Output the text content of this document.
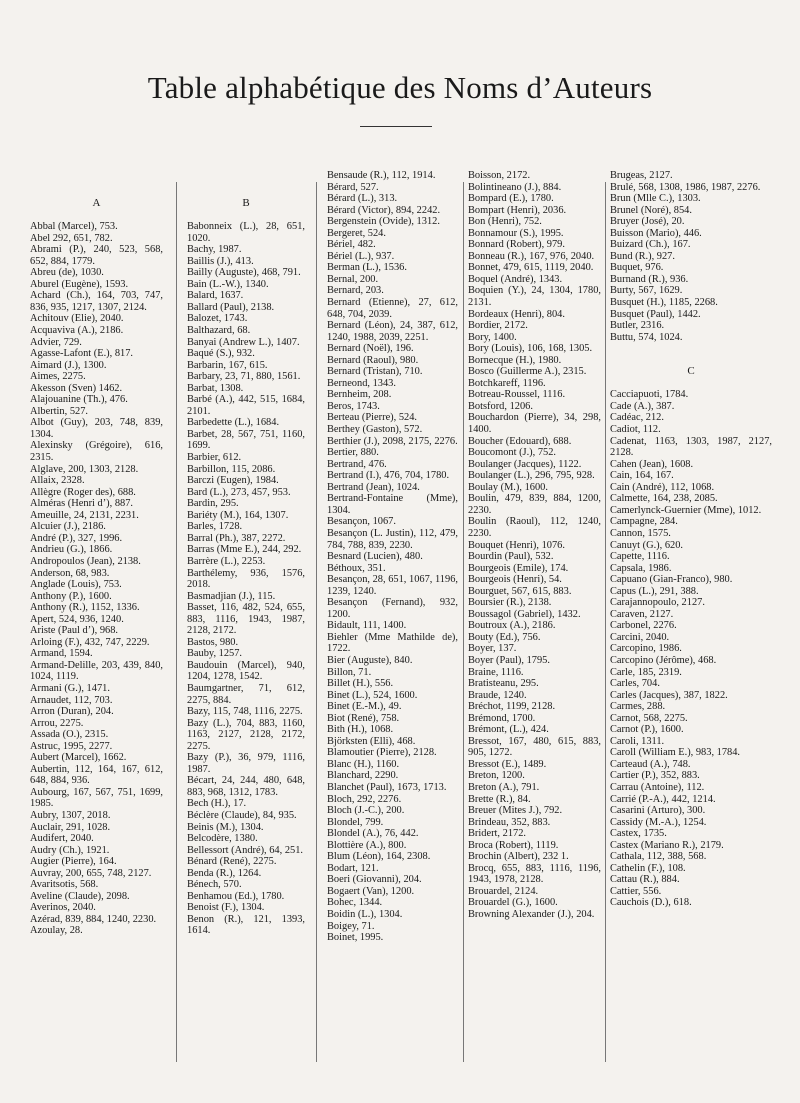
Table alphabétique des Noms d’Auteurs
A
Abbal (Marcel), 753.
Abel 292, 651, 782.
Abrami (P.), 240, 523, 568, 652, 884, 1779.
Abreu (de), 1030.
Aburel (Eugène), 1593.
Achard (Ch.), 164, 703, 747, 836, 935, 1217, 1307, 2124.
Achitouv (Elie), 2040.
Acquaviva (A.), 2186.
Advier, 729.
Agasse-Lafont (E.), 817.
Aimard (J.), 1300.
Aimes, 2275.
Akesson (Sven) 1462.
Alajouanine (Th.), 476.
Albertin, 527.
Albot (Guy), 203, 748, 839, 1304.
Alexinsky (Grégoire), 616, 2315.
Alglave, 200, 1303, 2128.
Allaix, 2328.
Allègre (Roger des), 688.
Alméras (Henri d’), 887.
Ameuille, 24, 2131, 2231.
Alcuier (J.), 2186.
André (P.), 327, 1996.
Andrieu (G.), 1866.
Andropoulos (Jean), 2138.
Anderson, 68, 983.
Anglade (Louis), 753.
Anthony (P.), 1600.
Anthony (R.), 1152, 1336.
Apert, 524, 936, 1240.
Ariste (Paul d’), 968.
Arloing (F.), 432, 747, 2229.
Armand, 1594.
Armand-Delille, 203, 439, 840, 1024, 1119.
Armani (G.), 1471.
Arnaudet, 112, 703.
Arron (Duran), 204.
Arrou, 2275.
Assada (O.), 2315.
Astruc, 1995, 2277.
Aubert (Marcel), 1662.
Aubertin, 112, 164, 167, 612, 648, 884, 936.
Aubourg, 167, 567, 751, 1699, 1985.
Aubry, 1307, 2018.
Auclair, 291, 1028.
Audifert, 2040.
Audry (Ch.), 1921.
Augier (Pierre), 164.
Auvray, 200, 655, 748, 2127.
Avaritsotis, 568.
Aveline (Claude), 2098.
Averinos, 2040.
Azérad, 839, 884, 1240, 2230.
Azoulay, 28.
B
Babonneix (L.), 28, 651, 1020.
Bachy, 1987.
Baillis (J.), 413.
Bailly (Auguste), 468, 791.
Bain (L.-W.), 1340.
Balard, 1637.
Ballard (Paul), 2138.
Balozet, 1743.
Balthazard, 68.
Banyai (Andrew L.), 1407.
Baqué (S.), 932.
Barbarin, 167, 615.
Barbary, 23, 71, 880, 1561.
Barbat, 1308.
Barbé (A.), 442, 515, 1684, 2101.
Barbedette (L.), 1684.
Barbet, 28, 567, 751, 1160, 1699.
Barbier, 612.
Barbillon, 115, 2086.
Barczi (Eugen), 1984.
Bard (L.), 273, 457, 953.
Bardin, 295.
Bariéty (M.), 164, 1307.
Barles, 1728.
Barral (Ph.), 387, 2272.
Barras (Mme E.), 244, 292.
Barrère (L.), 2253.
Barthélemy, 936, 1576, 2018.
Basmadjian (J.), 115.
Basset, 116, 482, 524, 655, 883, 1116, 1943, 1987, 2128, 2172.
Bastos, 980.
Bauby, 1257.
Baudouin (Marcel), 940, 1204, 1278, 1542.
Baumgartner, 71, 612, 2275, 884.
Bazy, 115, 748, 1116, 2275.
Bazy (L.), 704, 883, 1160, 1163, 2127, 2128, 2172, 2275.
Bazy (P.), 36, 979, 1116, 1987.
Bécart, 24, 244, 480, 648, 883, 968, 1312, 1783.
Bech (H.), 17.
Béclère (Claude), 84, 935.
Beinis (M.), 1304.
Belcodère, 1380.
Bellessort (André), 64, 251.
Bénard (René), 2275.
Benda (R.), 1264.
Bénech, 570.
Benhamou (Ed.), 1780.
Benoist (F.), 1304.
Benon (R.), 121, 1393, 1614.
Bensaude (R.), 112, 1914.
Bérard, 527.
Bérard (L.), 313.
Bérard (Victor), 894, 2242.
Bergenstein (Ovide), 1312.
Bergeret, 524.
Bériel, 482.
Bériel (L.), 937.
Berman (L.), 1536.
Bernal, 200.
Bernard, 203.
Bernard (Etienne), 27, 612, 648, 704, 2039.
Bernard (Léon), 24, 387, 612, 1240, 1988, 2039, 2251.
Bernard (Noël), 196.
Bernard (Raoul), 980.
Bernard (Tristan), 710.
Berneond, 1343.
Bernheim, 208.
Beros, 1743.
Berteau (Pierre), 524.
Berthey (Gaston), 572.
Berthier (J.), 2098, 2175, 2276.
Bertier, 880.
Bertrand, 476.
Bertrand (I.), 476, 704, 1780.
Bertrand (Jean), 1024.
Bertrand-Fontaine (Mme), 1304.
Besançon, 1067.
Besançon (L. Justin), 112, 479, 784, 788, 839, 2230.
Besnard (Lucien), 480.
Béthoux, 351.
Besançon, 28, 651, 1067, 1196, 1239, 1240.
Besançon (Fernand), 932, 1200.
Bidault, 111, 1400.
Biehler (Mme Mathilde de), 1722.
Bier (Auguste), 840.
Billon, 71.
Billet (H.), 556.
Binet (L.), 524, 1600.
Binet (E.-M.), 49.
Biot (René), 758.
Bith (H.), 1068.
Björksten (Elli), 468.
Blamoutier (Pierre), 2128.
Blanc (H.), 1160.
Blanchard, 2290.
Blanchet (Paul), 1673, 1713.
Bloch, 292, 2276.
Bloch (J.-C.), 200.
Blondel, 799.
Blondel (A.), 76, 442.
Blottière (A.), 800.
Blum (Léon), 164, 2308.
Bodart, 121.
Boeri (Giovanni), 204.
Bogaert (Van), 1200.
Bohec, 1344.
Boidin (L.), 1304.
Boigey, 71.
Boinet, 1995.
Boisson, 2172.
Bolintineano (J.), 884.
Bompard (E.), 1780.
Bompart (Henri), 2036.
Bon (Henri), 752.
Bonnamour (S.), 1995.
Bonnard (Robert), 979.
Bonneau (R.), 167, 976, 2040.
Bonnet, 479, 615, 1119, 2040.
Boquel (André), 1343.
Boquien (Y.), 24, 1304, 1780, 2131.
Bordeaux (Henri), 804.
Bordier, 2172.
Bory, 1400.
Bory (Louis), 106, 168, 1305.
Bornecque (H.), 1980.
Bosco (Guillerme A.), 2315.
Botchkareff, 1196.
Botreau-Roussel, 1116.
Botsford, 1206.
Bouchardon (Pierre), 34, 298, 1400.
Boucher (Edouard), 688.
Boucomont (J.), 752.
Boulanger (Jacques), 1122.
Boulanger (L.), 296, 795, 928.
Boulay (M.), 1600.
Boulin, 479, 839, 884, 1200, 2230.
Boulin (Raoul), 112, 1240, 2230.
Bouquet (Henri), 1076.
Bourdin (Paul), 532.
Bourgeois (Emile), 174.
Bourgeois (Henri), 54.
Bourguet, 567, 615, 883.
Boursier (R.), 2138.
Boussagol (Gabriel), 1432.
Boutroux (A.), 2186.
Bouty (Ed.), 756.
Boyer, 137.
Boyer (Paul), 1795.
Braine, 1116.
Bratisteanu, 295.
Braude, 1240.
Bréchot, 1199, 2128.
Brémond, 1700.
Brémont, (L.), 424.
Bressot, 167, 480, 615, 883, 905, 1272.
Bressot (E.), 1489.
Breton, 1200.
Breton (A.), 791.
Brette (R.), 84.
Breuer (Mites J.), 792.
Brindeau, 352, 883.
Bridert, 2172.
Broca (Robert), 1119.
Brochin (Albert), 232 1.
Brocq, 655, 883, 1116, 1196, 1943, 1978, 2128.
Brouardel, 2124.
Brouardel (G.), 1600.
Browning Alexander (J.), 204.
Brugeas, 2127.
Brulé, 568, 1308, 1986, 1987, 2276.
Brun (Mlle C.), 1303.
Brunel (Noré), 854.
Bruyer (José), 20.
Buisson (Mario), 446.
Buizard (Ch.), 167.
Bund (R.), 927.
Buquet, 976.
Burnand (R.), 936.
Burty, 567, 1629.
Busquet (H.), 1185, 2268.
Busquet (Paul), 1442.
Butler, 2316.
Buttu, 574, 1024.
C
Cacciapuoti, 1784.
Cade (A.), 387.
Cadéac, 212.
Cadiot, 112.
Cadenat, 1163, 1303, 1987, 2127, 2128.
Cahen (Jean), 1608.
Cain, 164, 167.
Cain (André), 112, 1068.
Calmette, 164, 238, 2085.
Camerlynck-Guernier (Mme), 1012.
Campagne, 284.
Cannon, 1575.
Canuyt (G.), 620.
Capette, 1116.
Capsala, 1986.
Capuano (Gian-Franco), 980.
Capus (L.), 291, 388.
Carajannopoulo, 2127.
Caraven, 2127.
Carbonel, 2276.
Carcini, 2040.
Carcopino, 1986.
Carcopino (Jérôme), 468.
Carle, 185, 2319.
Carles, 704.
Carles (Jacques), 387, 1822.
Carmes, 288.
Carnot, 568, 2275.
Carnot (P.), 1600.
Caroli, 1311.
Caroll (William E.), 983, 1784.
Carteaud (A.), 748.
Cartier (P.), 352, 883.
Carrau (Antoine), 112.
Carrié (P.-A.), 442, 1214.
Casarini (Arturo), 300.
Cassidy (M.-A.), 1254.
Castex, 1735.
Castex (Mariano R.), 2179.
Cathala, 112, 388, 568.
Cathelin (F.), 108.
Cattau (R.), 884.
Cattier, 556.
Cauchois (D.), 618.
